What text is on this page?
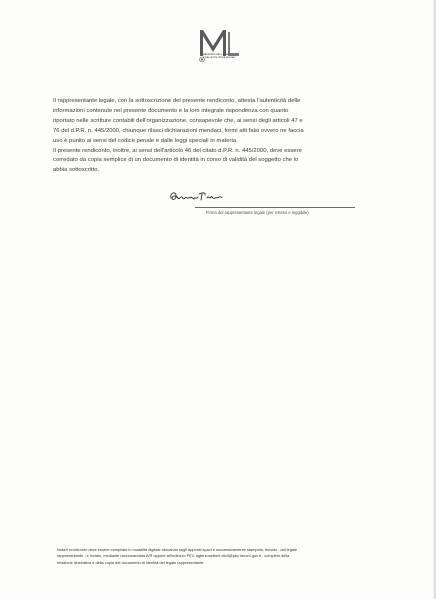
MINISTERO DEL LAVORO
E DELLE POLITICHE SOCIALI

Il rappresentante legale, con la sottoscrizione del presente rendiconto, attesta l'autenticità delle
informazioni contenute nel presente documento e la loro integrale rispondenza con quanto
riportato nelle scritture contabili dell'organizzazione, consapevole che, ai sensi degli articoli 47 e
76 del d.P.R. n. 445/2000, chiunque rilasci dichiarazioni mendaci, formi atti falsi ovvero ne faccia
uso è punito ai sensi del codice penale e dalle leggi speciali in materia.
Il presente rendiconto, inoltre, ai sensi dell'articolo 46 del citato d.P.R. n. 445/2000, deve essere
corredato da copia semplice di un documento di identità in corso di validità del soggetto che lo
abbia sottoscritto.

Firma del rappresentante legale (per esteso e leggibile)
Nota:il rendiconto deve essere compilato in modalità digitale cliccando sugli appositi spazi e successivamente stampato, firmato - dal legale
rappresentante - e inviato, mediante raccomandata A/R oppure all'indirizzo PEC dgterzosettore.div3@pec.lavoro.gov.it - completo della
relazione illustrativa e della copia del documento di identità del legale rappresentante.
